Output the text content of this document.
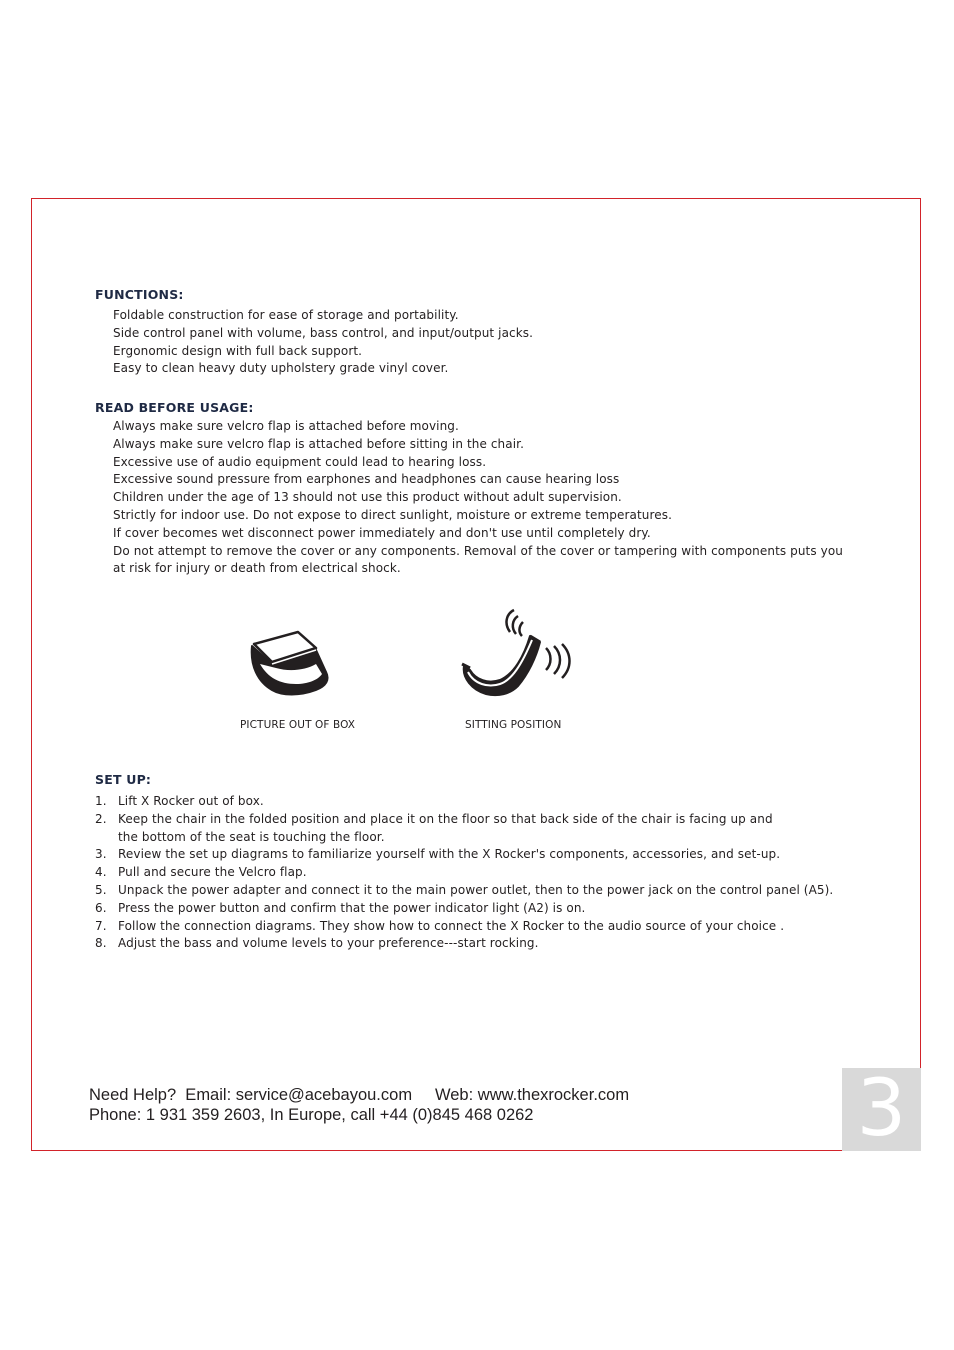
FUNCTIONS:
Foldable construction for ease of storage and portability.
Side control panel with volume, bass control, and input/output jacks.
Ergonomic design with full back support.
Easy to clean heavy duty upholstery grade vinyl cover.
READ BEFORE USAGE:
Always make sure velcro flap is attached before moving.
Always make sure velcro flap is attached before sitting in the chair.
Excessive use of audio equipment could lead to hearing loss.
Excessive sound pressure from earphones and headphones can cause hearing loss
Children under the age of 13 should not use this product without adult supervision.
Strictly for indoor use. Do not expose to direct sunlight, moisture or extreme temperatures.
If cover becomes wet disconnect power immediately and don't use until completely dry.
Do not attempt to remove the cover or any components. Removal of the cover or tampering with components puts you
at risk for injury or death from electrical shock.
PICTURE OUT OF BOX	SITTING POSITION
SET UP:
1. Lift X Rocker out of box.
2. Keep the chair in the folded position and place it on the floor so that back side of the chair is facing up and
the bottom of the seat is touching the floor.
3. Review the set up diagrams to familiarize yourself with the X Rocker's components, accessories, and set-up.
4. Pull and secure the Velcro flap.
5. Unpack the power adapter and connect it to the main power outlet, then to the power jack on the control panel (A5).
6. Press the power button and confirm that the power indicator light (A2) is on.
7. Follow the connection diagrams. They show how to connect the X Rocker to the audio source of your choice .
8. Adjust the bass and volume levels to your preference---start rocking.
Need Help?  Email: service@acebayou.com     Web: www.thexrocker.com
Phone: 1 931 359 2603, In Europe, call +44 (0)845 468 0262	3
